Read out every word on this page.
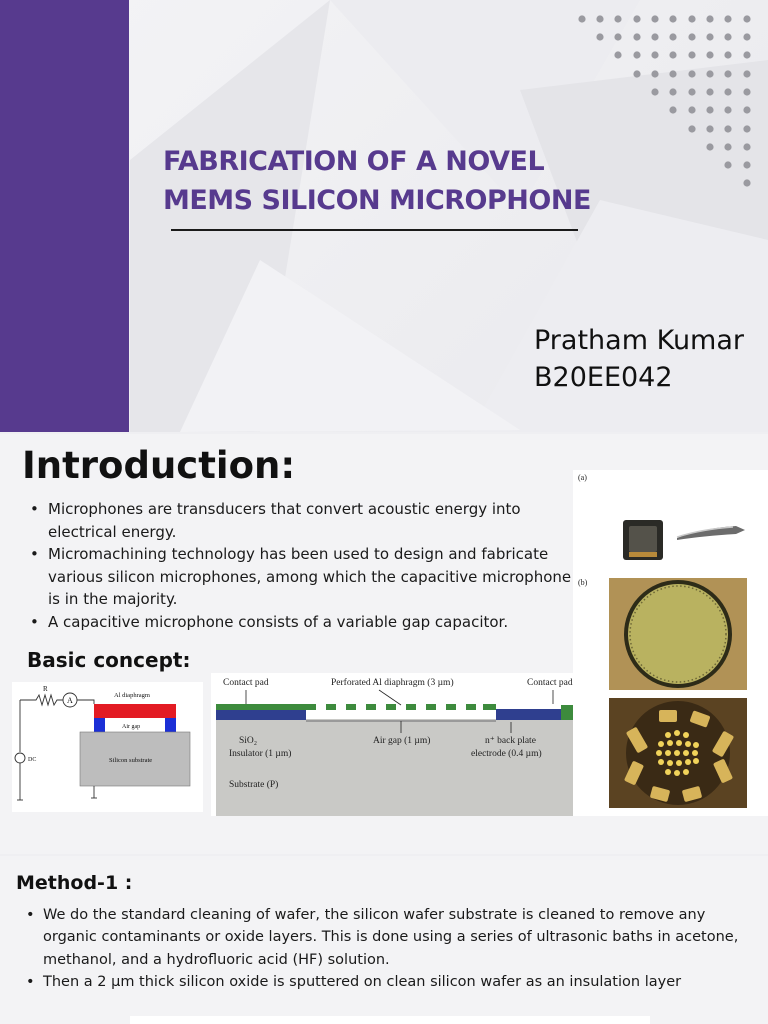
FABRICATION OF A NOVEL
MEMS SILICON MICROPHONE
Pratham Kumar
B20EE042
Introduction:
• Microphones are transducers that convert acoustic energy into electrical energy.
• Micromachining technology has been used to design and fabricate various silicon microphones, among which the capacitive microphone is in the majority.
• A capacitive microphone consists of a variable gap capacitor.
Basic concept:
A
R
Al diaphragm
Air gap
Silicon substrate
DC
Contact pad	Perforated Al diaphragm (3 µm)	Contact pad
SiO₂
Insulator (1 µm)
Air gap (1 µm)	n⁺ back plate
electrode (0.4 µm)
Substrate (P)
(a)
(b)
Method-1 :
• We do the standard cleaning of wafer, the silicon wafer substrate is cleaned to remove any organic contaminants or oxide layers. This is done using a series of ultrasonic baths in acetone, methanol, and a hydrofluoric acid (HF) solution.
• Then a 2 µm thick silicon oxide is sputtered on clean silicon wafer as an insulation layer
